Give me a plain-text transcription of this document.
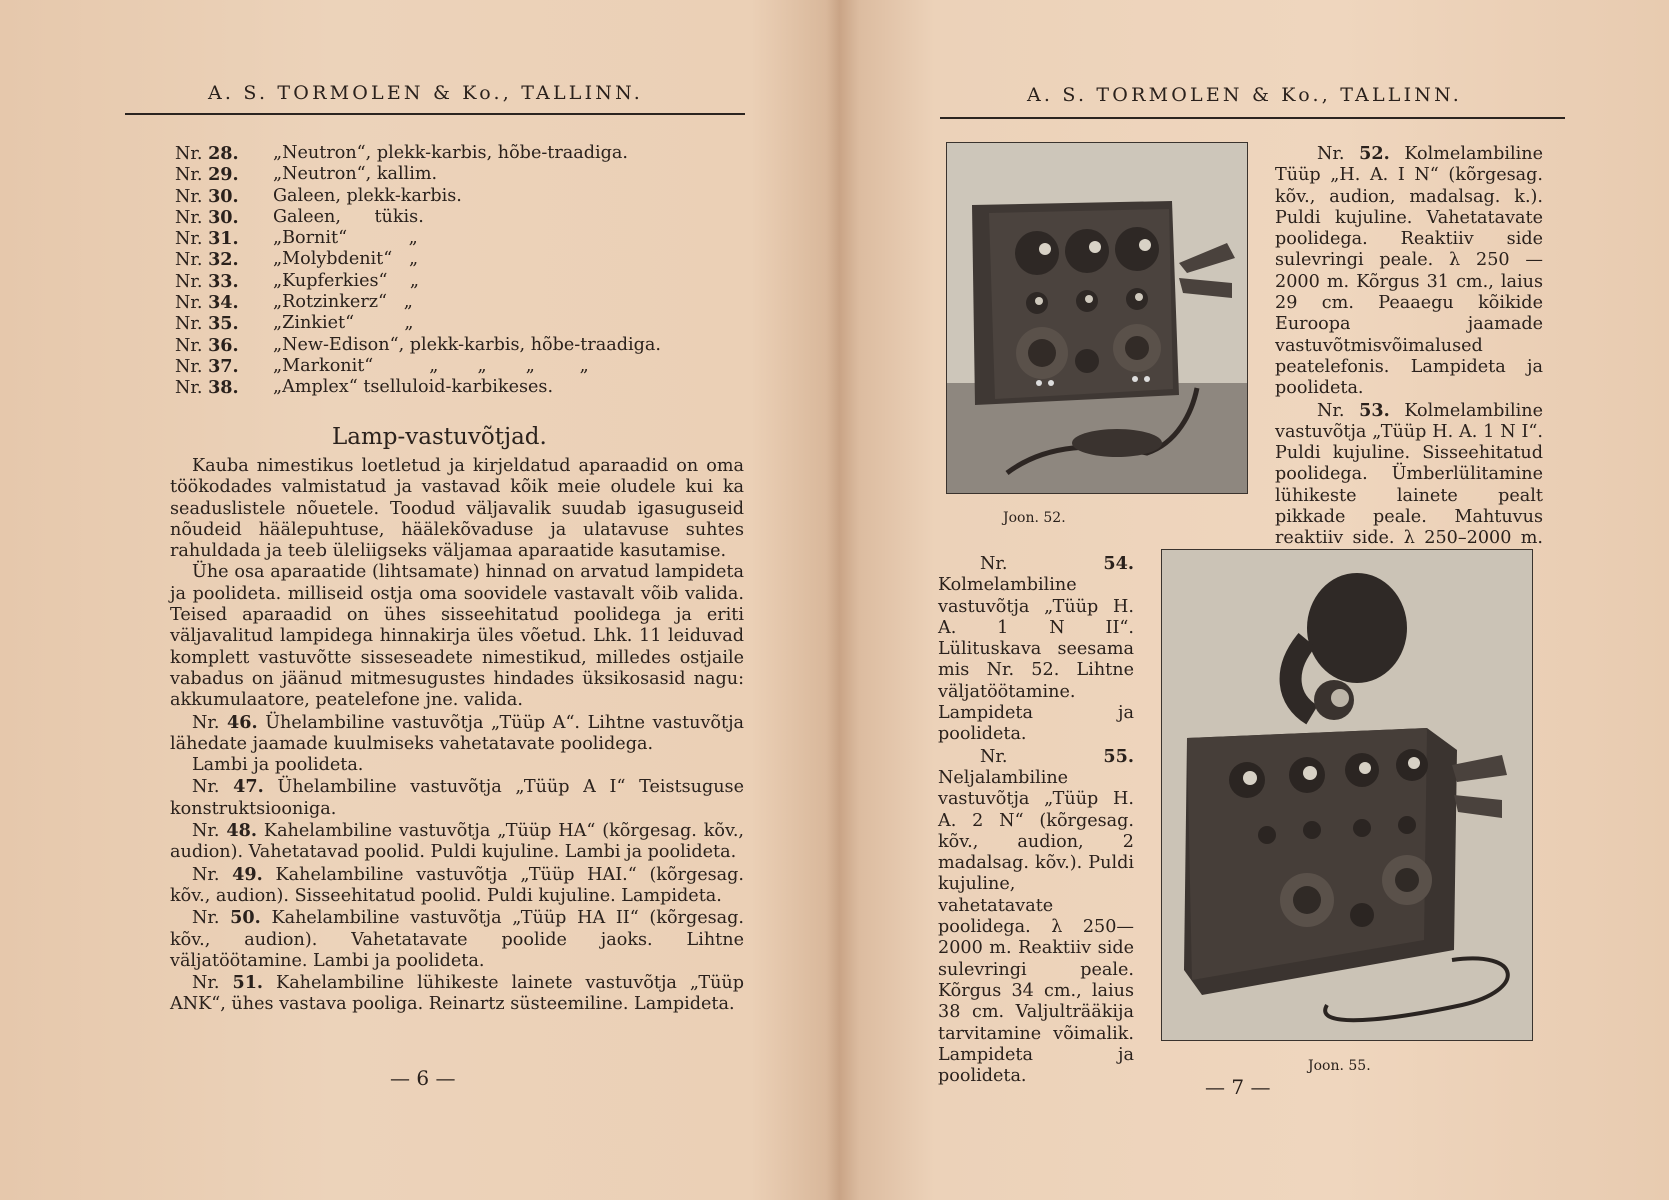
A. S. TORMOLEN & Ko., TALLINN.
Nr. 28.	„Neutron“, plekk-karbis, hõbe-traadiga.
Nr. 29.	„Neutron“, kallim.
Nr. 30.	Galeen, plekk-karbis.
Nr. 30.	Galeen,      tükis.
Nr. 31.	„Bornit“           „
Nr. 32.	„Molybdenit“   „
Nr. 33.	„Kupferkies“    „
Nr. 34.	„Rotzinkerz“   „
Nr. 35.	„Zinkiet“         „
Nr. 36.	„New-Edison“, plekk-karbis, hõbe-traadiga.
Nr. 37.	„Markonit“          „       „       „        „
Nr. 38.	„Amplex“ tselluloid-karbikeses.
Lamp-vastuvõtjad.

Kauba nimestikus loetletud ja kirjeldatud aparaadid on oma töökodades valmistatud ja vastavad kõik meie oludele kui ka seaduslistele nõuetele. Toodud väljavalik suudab igasuguseid nõudeid häälepuhtuse, häälekõvaduse ja ulatavuse suhtes rahuldada ja teeb üleliigseks väljamaa aparaatide kasutamise.

Ühe osa aparaatide (lihtsamate) hinnad on arvatud lampideta ja poolideta. milliseid ostja oma soovidele vastavalt võib valida. Teised aparaadid on ühes sisseehitatud poolidega ja eriti väljavalitud lampidega hinnakirja üles võetud. Lhk. 11 leiduvad komplett vastuvõtte sisseseadete nimestikud, milledes ostjaile vabadus on jäänud mitmesugustes hindades üksikosasid nagu: akkumulaatore, peatelefone jne. valida.

Nr. 46. Ühelambiline vastuvõtja „Tüüp A“. Lihtne vastuvõtja lähedate jaamade kuulmiseks vahetatavate poolidega.

Lambi ja poolideta.

Nr. 47. Ühelambiline vastuvõtja „Tüüp A I“ Teistsuguse konstruktsiooniga.

Nr. 48. Kahelambiline vastuvõtja „Tüüp HA“ (kõrgesag. kõv., audion). Vahetatavad poolid. Puldi kujuline. Lambi ja poolideta.

Nr. 49. Kahelambiline vastuvõtja „Tüüp HAI.“ (kõrgesag. kõv., audion). Sisseehitatud poolid. Puldi kujuline. Lampideta.

Nr. 50. Kahelambiline vastuvõtja „Tüüp HA II“ (kõrgesag. kõv., audion). Vahetatavate poolide jaoks. Lihtne väljatöötamine. Lambi ja poolideta.

Nr. 51. Kahelambiline lühikeste lainete vastuvõtja „Tüüp ANK“, ühes vastava pooliga. Reinartz süsteemiline. Lampideta.

— 6 —
A. S. TORMOLEN & Ko., TALLINN.
Joon. 52.

Nr. 52. Kolmelambiline Tüüp „H. A. I N“ (kõrgesag. kõv., audion, madalsag. k.). Puldi kujuline. Vahetatavate poolidega. Reaktiiv side sulevringi peale. λ 250 — 2000 m. Kõrgus 31 cm., laius 29 cm. Peaaegu kõikide Euroopa jaamade vastuvõtmisvõimalused peatelefonis. Lampideta ja poolideta.

Nr. 53. Kolmelambiline vastuvõtja „Tüüp H. A. 1 N I“. Puldi kujuline. Sisseehitatud poolidega. Ümberlülitamine lühikeste lainete pealt pikkade peale. Mahtuvus reaktiiv side. λ 250–2000 m.

Nr.	54. Kolmelambiline vastuvõtja „Tüüp H. A. 1 N II“. Lülituskava seesama mis Nr. 52. Lihtne väljatöötamine. Lampideta ja poolideta.

Nr.	55. Neljalambiline vastuvõtja „Tüüp H. A. 2 N“ (kõrgesag. kõv., audion, 2 madalsag. kõv.). Puldi kujuline, vahetatavate poolidega. λ 250—2000 m. Reaktiiv side sulevringi peale. Kõrgus 34 cm., laius 38 cm. Valjulträäkija tarvitamine võimalik. Lampideta ja poolideta.

Joon. 55.
— 7 —
